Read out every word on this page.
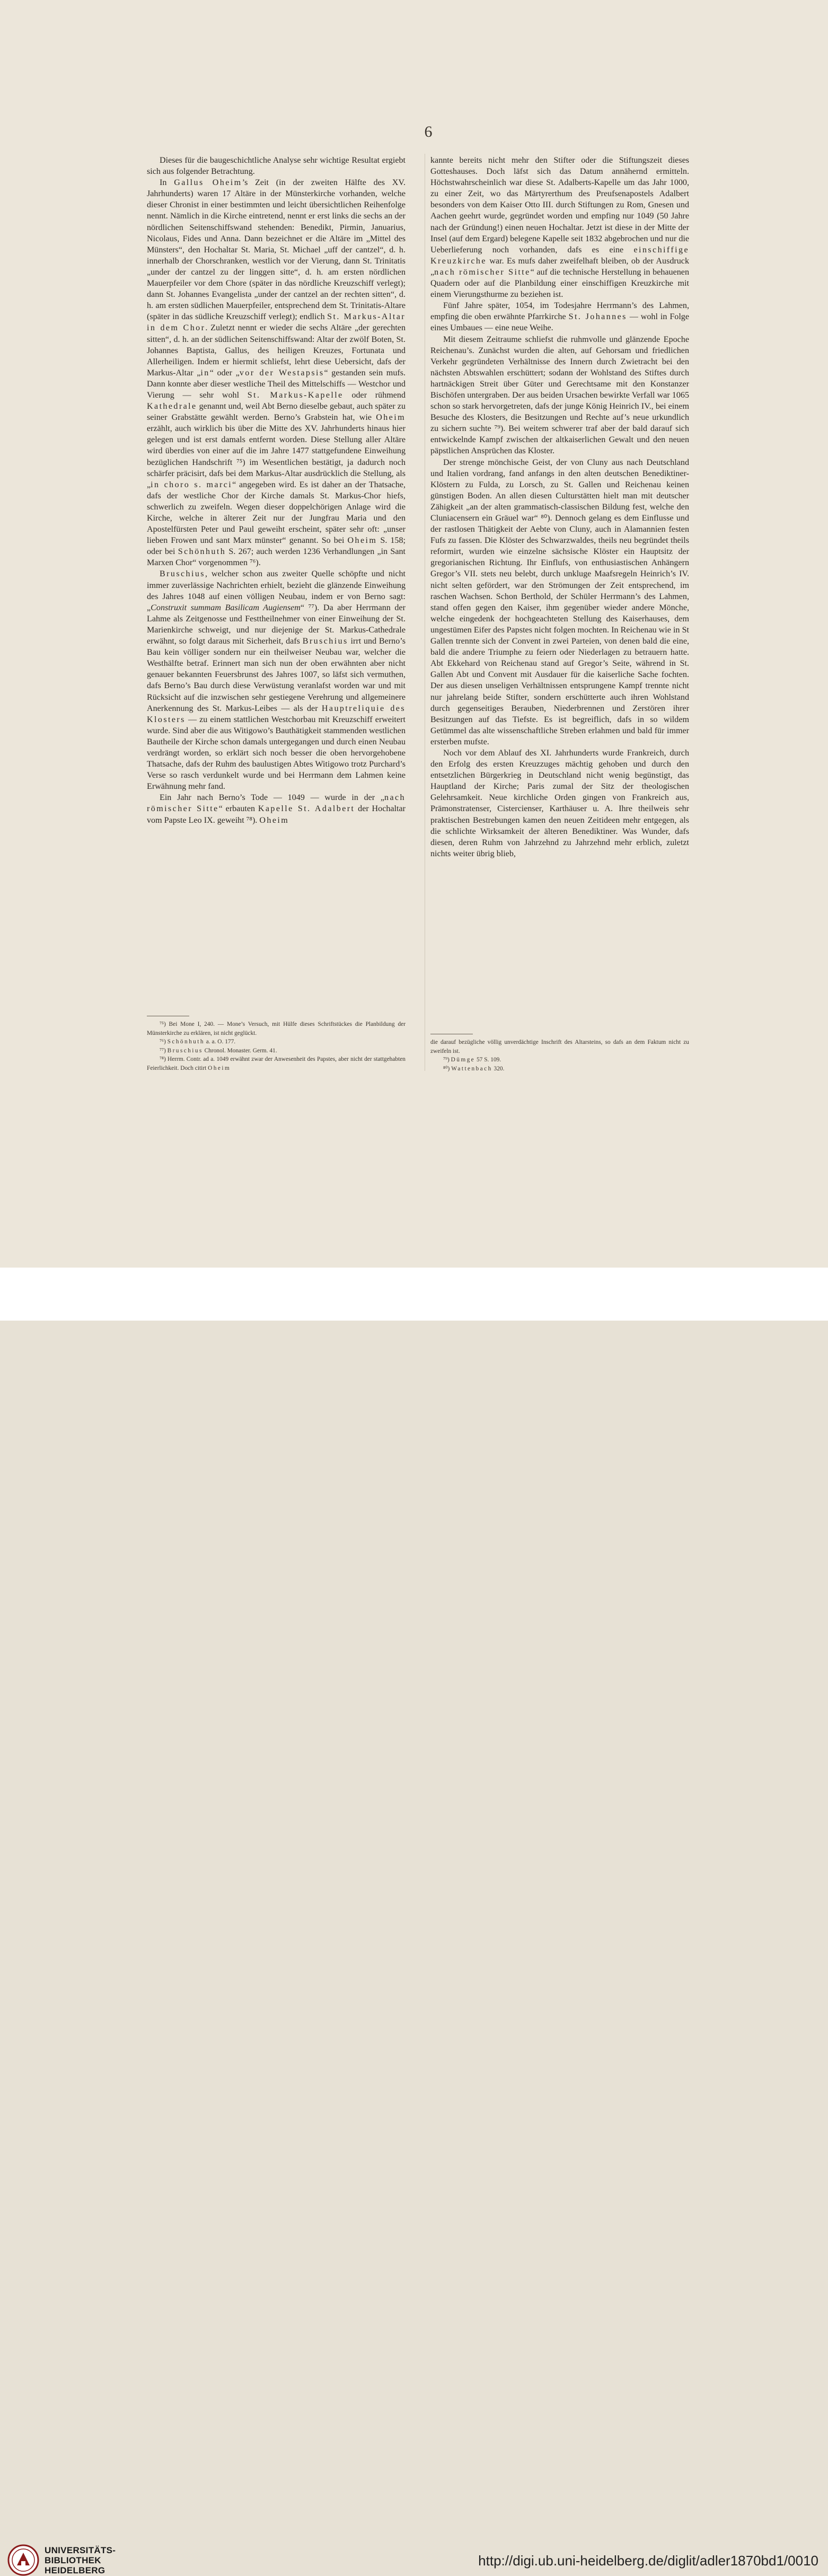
6

Dieses für die baugeschichtliche Analyse sehr wichtige Resultat ergiebt sich aus folgender Betrachtung.

In Gallus Oheim’s Zeit (in der zweiten Hälfte des XV. Jahrhunderts) waren 17 Altäre in der Münsterkirche vorhanden, welche dieser Chronist in einer bestimmten und leicht übersichtlichen Reihenfolge nennt. Nämlich in die Kirche eintretend, nennt er erst links die sechs an der nördlichen Seitenschiffswand stehenden: Benedikt, Pirmin, Januarius, Nicolaus, Fides und Anna. Dann bezeichnet er die Altäre im „Mittel des Münsters“, den Hochaltar St. Maria, St. Michael „uff der cantzel“, d. h. innerhalb der Chorschranken, westlich vor der Vierung, dann St. Trinitatis „under der cantzel zu der linggen sitte“, d. h. am ersten nördlichen Mauerpfeiler vor dem Chore (später in das nördliche Kreuzschiff verlegt); dann St. Johannes Evangelista „under der cantzel an der rechten sitten“, d. h. am ersten südlichen Mauerpfeiler, entsprechend dem St. Trinitatis-Altare (später in das südliche Kreuzschiff verlegt); endlich St. Markus-Altar in dem Chor. Zuletzt nennt er wieder die sechs Altäre „der gerechten sitten“, d. h. an der südlichen Seitenschiffswand: Altar der zwölf Boten, St. Johannes Baptista, Gallus, des heiligen Kreuzes, Fortunata und Allerheiligen. Indem er hiermit schliefst, lehrt diese Uebersicht, dafs der Markus-Altar „in“ oder „vor der Westapsis“ gestanden sein mufs. Dann konnte aber dieser westliche Theil des Mittelschiffs — Westchor und Vierung — sehr wohl St. Markus-Kapelle oder rühmend Kathedrale genannt und, weil Abt Berno dieselbe gebaut, auch später zu seiner Grabstätte gewählt werden. Berno’s Grabstein hat, wie Oheim erzählt, auch wirklich bis über die Mitte des XV. Jahrhunderts hinaus hier gelegen und ist erst damals entfernt worden. Diese Stellung aller Altäre wird überdies von einer auf die im Jahre 1477 stattgefundene Einweihung bezüglichen Handschrift ⁷⁵) im Wesentlichen bestätigt, ja dadurch noch schärfer präcisirt, dafs bei dem Markus-Altar ausdrücklich die Stellung, als „in choro s. marci“ angegeben wird. Es ist daher an der Thatsache, dafs der westliche Chor der Kirche damals St. Markus-Chor hiefs, schwerlich zu zweifeln. Wegen dieser doppelchörigen Anlage wird die Kirche, welche in älterer Zeit nur der Jungfrau Maria und den Apostelfürsten Peter und Paul geweiht erscheint, später sehr oft: „unser lieben Frowen und sant Marx münster“ genannt. So bei Oheim S. 158; oder bei Schönhuth S. 267; auch werden 1236 Verhandlungen „in Sant Marxen Chor“ vorgenommen ⁷⁶).

Bruschius, welcher schon aus zweiter Quelle schöpfte und nicht immer zuverlässige Nachrichten erhielt, bezieht die glänzende Einweihung des Jahres 1048 auf einen völligen Neubau, indem er von Berno sagt: „Construxit summam Basilicam Augiensem“ ⁷⁷). Da aber Herrmann der Lahme als Zeitgenosse und Festtheilnehmer von einer Einweihung der St. Marienkirche schweigt, und nur diejenige der St. Markus-Cathedrale erwähnt, so folgt daraus mit Sicherheit, dafs Bruschius irrt und Berno’s Bau kein völliger sondern nur ein theilweiser Neubau war, welcher die Westhälfte betraf. Erinnert man sich nun der oben erwähnten aber nicht genauer bekannten Feuersbrunst des Jahres 1007, so läfst sich vermuthen, dafs Berno’s Bau durch diese Verwüstung veranlafst worden war und mit Rücksicht auf die inzwischen sehr gestiegene Verehrung und allgemeinere Anerkennung des St. Markus-Leibes — als der Hauptreliquie des Klosters — zu einem stattlichen Westchorbau mit Kreuzschiff erweitert wurde. Sind aber die aus Witigowo’s Bauthätigkeit stammenden westlichen Bautheile der Kirche schon damals untergegangen und durch einen Neubau verdrängt worden, so erklärt sich noch besser die oben hervorgehobene Thatsache, dafs der Ruhm des baulustigen Abtes Witigowo trotz Purchard’s Verse so rasch verdunkelt wurde und bei Herrmann dem Lahmen keine Erwähnung mehr fand.

Ein Jahr nach Berno’s Tode — 1049 — wurde in der „nach römischer Sitte“ erbauten Kapelle St. Adalbert der Hochaltar vom Papste Leo IX. geweiht ⁷⁸). Oheim

kannte bereits nicht mehr den Stifter oder die Stiftungszeit dieses Gotteshauses. Doch läfst sich das Datum annähernd ermitteln. Höchstwahrscheinlich war diese St. Adalberts-Kapelle um das Jahr 1000, zu einer Zeit, wo das Märtyrerthum des Preufsenapostels Adalbert besonders von dem Kaiser Otto III. durch Stiftungen zu Rom, Gnesen und Aachen geehrt wurde, gegründet worden und empfing nur 1049 (50 Jahre nach der Gründung!) einen neuen Hochaltar. Jetzt ist diese in der Mitte der Insel (auf dem Ergard) belegene Kapelle seit 1832 abgebrochen und nur die Ueberlieferung noch vorhanden, dafs es eine einschiffige Kreuzkirche war. Es mufs daher zweifelhaft bleiben, ob der Ausdruck „nach römischer Sitte“ auf die technische Herstellung in behauenen Quadern oder auf die Planbildung einer einschiffigen Kreuzkirche mit einem Vierungsthurme zu beziehen ist.

Fünf Jahre später, 1054, im Todesjahre Herrmann’s des Lahmen, empfing die oben erwähnte Pfarrkirche St. Johannes — wohl in Folge eines Umbaues — eine neue Weihe.

Mit diesem Zeitraume schliefst die ruhmvolle und glänzende Epoche Reichenau’s. Zunächst wurden die alten, auf Gehorsam und friedlichen Verkehr gegründeten Verhältnisse des Innern durch Zwietracht bei den nächsten Abtswahlen erschüttert; sodann der Wohlstand des Stiftes durch hartnäckigen Streit über Güter und Gerechtsame mit den Konstanzer Bischöfen untergraben. Der aus beiden Ursachen bewirkte Verfall war 1065 schon so stark hervorgetreten, dafs der junge König Heinrich IV., bei einem Besuche des Klosters, die Besitzungen und Rechte auf’s neue urkundlich zu sichern suchte ⁷⁹). Bei weitem schwerer traf aber der bald darauf sich entwickelnde Kampf zwischen der altkaiserlichen Gewalt und den neuen päpstlichen Ansprüchen das Kloster.

Der strenge mönchische Geist, der von Cluny aus nach Deutschland und Italien vordrang, fand anfangs in den alten deutschen Benediktiner-Klöstern zu Fulda, zu Lorsch, zu St. Gallen und Reichenau keinen günstigen Boden. An allen diesen Culturstätten hielt man mit deutscher Zähigkeit „an der alten grammatisch-classischen Bildung fest, welche den Cluniacensern ein Gräuel war“ ⁸⁰). Dennoch gelang es dem Einflusse und der rastlosen Thätigkeit der Aebte von Cluny, auch in Alamannien festen Fufs zu fassen. Die Klöster des Schwarzwaldes, theils neu begründet theils reformirt, wurden wie einzelne sächsische Klöster ein Hauptsitz der gregorianischen Richtung. Ihr Einflufs, von enthusiastischen Anhängern Gregor’s VII. stets neu belebt, durch unkluge Maafsregeln Heinrich’s IV. nicht selten gefördert, war den Strömungen der Zeit entsprechend, im raschen Wachsen. Schon Berthold, der Schüler Herrmann’s des Lahmen, stand offen gegen den Kaiser, ihm gegenüber wieder andere Mönche, welche eingedenk der hochgeachteten Stellung des Kaiserhauses, dem ungestümen Eifer des Papstes nicht folgen mochten. In Reichenau wie in St Gallen trennte sich der Convent in zwei Parteien, von denen bald die eine, bald die andere Triumphe zu feiern oder Niederlagen zu betrauern hatte. Abt Ekkehard von Reichenau stand auf Gregor’s Seite, während in St. Gallen Abt und Convent mit Ausdauer für die kaiserliche Sache fochten. Der aus diesen unseligen Verhältnissen entsprungene Kampf trennte nicht nur jahrelang beide Stifter, sondern erschütterte auch ihren Wohlstand durch gegenseitiges Berauben, Niederbrennen und Zerstören ihrer Besitzungen auf das Tiefste. Es ist begreiflich, dafs in so wildem Getümmel das alte wissenschaftliche Streben erlahmen und bald für immer ersterben mufste.

Noch vor dem Ablauf des XI. Jahrhunderts wurde Frankreich, durch den Erfolg des ersten Kreuzzuges mächtig gehoben und durch den entsetzlichen Bürgerkrieg in Deutschland nicht wenig begünstigt, das Hauptland der Kirche; Paris zumal der Sitz der theologischen Gelehrsamkeit. Neue kirchliche Orden gingen von Frankreich aus, Prämonstratenser, Cistercienser, Karthäuser u. A. Ihre theilweis sehr praktischen Bestrebungen kamen den neuen Zeitideen mehr entgegen, als die schlichte Wirksamkeit der älteren Benediktiner. Was Wunder, dafs diesen, deren Ruhm von Jahrzehnd zu Jahrzehnd mehr erblich, zuletzt nichts weiter übrig blieb,

⁷⁵) Bei Mone I, 240. — Mone’s Versuch, mit Hülfe dieses Schriftstückes die Planbildung der Münsterkirche zu erklären, ist nicht geglückt.

⁷⁶) Schönhuth a. a. O. 177.

⁷⁷) Bruschius Chronol. Monaster. Germ. 41.

⁷⁸) Herrm. Contr. ad a. 1049 erwähnt zwar der Anwesenheit des Papstes, aber nicht der stattgehabten Feierlichkeit. Doch citirt Oheim

die darauf bezügliche völlig unverdächtige Inschrift des Altarsteins, so dafs an dem Faktum nicht zu zweifeln ist.

⁷⁹) Dümge 57 S. 109.

⁸⁰) Wattenbach 320.

UNIVERSITÄTS-
BIBLIOTHEK
HEIDELBERG
http://digi.ub.uni-heidelberg.de/diglit/adler1870bd1/0010
